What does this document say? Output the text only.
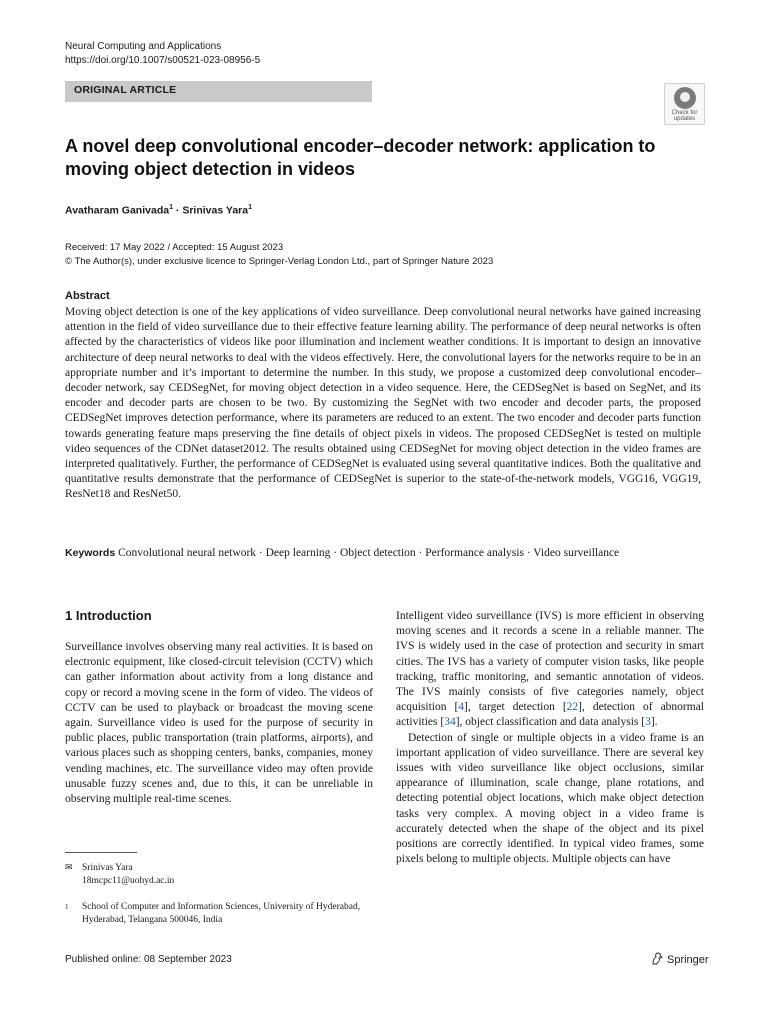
Neural Computing and Applications
https://doi.org/10.1007/s00521-023-08956-5
ORIGINAL ARTICLE
Check for
updates
A novel deep convolutional encoder–decoder network: application to moving object detection in videos
Avatharam Ganivada$^1$ · Srinivas Yara$^1$
Received: 17 May 2022 / Accepted: 15 August 2023
© The Author(s), under exclusive licence to Springer-Verlag London Ltd., part of Springer Nature 2023
Abstract
Moving object detection is one of the key applications of video surveillance. Deep convolutional neural networks have gained increasing attention in the field of video surveillance due to their effective feature learning ability. The performance of deep neural networks is often affected by the characteristics of videos like poor illumination and inclement weather conditions. It is important to design an innovative architecture of deep neural networks to deal with the videos effectively. Here, the convolutional layers for the networks require to be in an appropriate number and it’s important to determine the number. In this study, we propose a customized deep convolutional encoder–decoder network, say CEDSegNet, for moving object detection in a video sequence. Here, the CEDSegNet is based on SegNet, and its encoder and decoder parts are chosen to be two. By customizing the SegNet with two encoder and decoder parts, the proposed CEDSegNet improves detection performance, where its parameters are reduced to an extent. The two encoder and decoder parts function towards generating feature maps preserving the fine details of object pixels in videos. The proposed CEDSegNet is tested on multiple video sequences of the CDNet dataset2012. The results obtained using CEDSegNet for moving object detection in the video frames are interpreted qualitatively. Further, the performance of CEDSegNet is evaluated using several quantitative indices. Both the qualitative and quantitative results demonstrate that the performance of CEDSegNet is superior to the state-of-the-network models, VGG16, VGG19, ResNet18 and ResNet50.
Keywords Convolutional neural network · Deep learning · Object detection · Performance analysis · Video surveillance
1 Introduction

Surveillance involves observing many real activities. It is based on electronic equipment, like closed-circuit television (CCTV) which can gather information about activity from a long distance and copy or record a moving scene in the form of video. The videos of CCTV can be used to playback or broadcast the moving scene again. Surveillance video is used for the purpose of security in public places, public transportation (train platforms, airports), and various places such as shopping centers, banks, companies, money vending machines, etc. The surveillance video may often provide unusable fuzzy scenes and, due to this, it can be unreliable in observing multiple real-time scenes.

Intelligent video surveillance (IVS) is more efficient in observing moving scenes and it records a scene in a reliable manner. The IVS is widely used in the case of protection and security in smart cities. The IVS has a variety of computer vision tasks, like people tracking, traffic monitoring, and semantic annotation of videos. The IVS mainly consists of five categories namely, object acquisition [4], target detection [22], detection of abnormal activities [34], object classification and data analysis [3].

Detection of single or multiple objects in a video frame is an important application of video surveillance. There are several key issues with video surveillance like object occlusions, similar appearance of illumination, scale change, plane rotations, and detecting potential object locations, which make object detection tasks very complex. A moving object in a video frame is accurately detected when the shape of the object and its pixel positions are correctly identified. In typical video frames, some pixels belong to multiple objects. Multiple objects can have

✉ Srinivas Yara
18mcpc11@uohyd.ac.in
1 School of Computer and Information Sciences, University of Hyderabad, Hyderabad, Telangana 500046, India
Published online: 08 September 2023	Springer
